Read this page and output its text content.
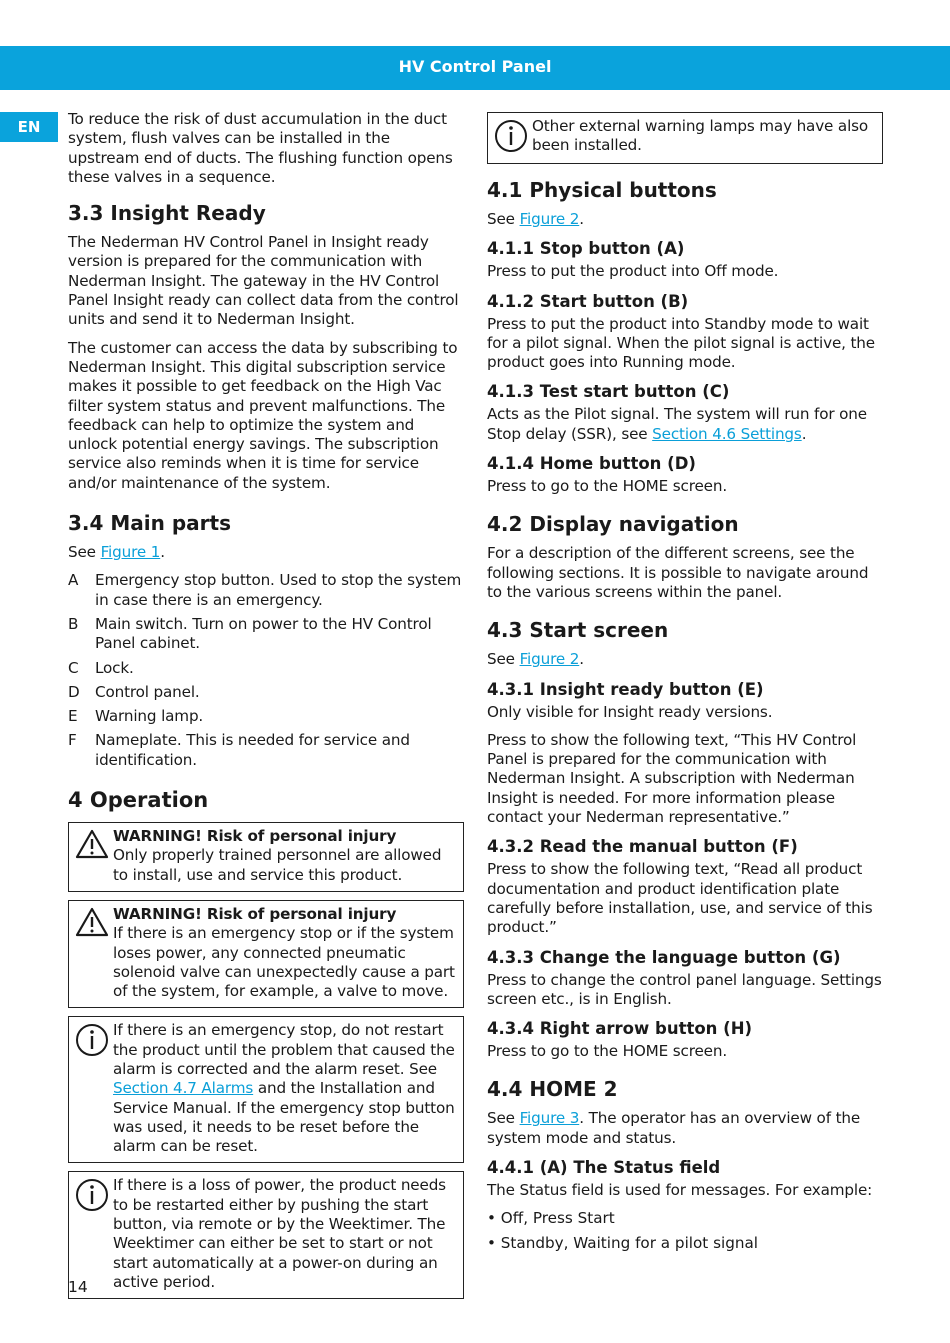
HV Control Panel
EN	To reduce the risk of dust accumulation in the duct system, flush valves can be installed in the upstream end of ducts. The flushing function opens these valves in a sequence.

3.3 Insight Ready

The Nederman HV Control Panel in Insight ready version is prepared for the communication with Nederman Insight. The gateway in the HV Control Panel Insight ready can collect data from the control units and send it to Nederman Insight.

The customer can access the data by subscribing to Nederman Insight. This digital subscription service makes it possible to get feedback on the High Vac filter system status and prevent malfunctions. The feedback can help to optimize the system and unlock potential energy savings. The subscription service also reminds when it is time for service and/or maintenance of the system.

3.4 Main parts

See Figure 1.

A	Emergency stop button. Used to stop the system in case there is an emergency.
B	Main switch. Turn on power to the HV Control Panel cabinet.
C	Lock.
D	Control panel.
E	Warning lamp.
F	Nameplate. This is needed for service and identification.
4 Operation
WARNING! Risk of personal injury
Only properly trained personnel are allowed to install, use and service this product.
WARNING! Risk of personal injury
If there is an emergency stop or if the system loses power, any connected pneumatic solenoid valve can unexpectedly cause a part of the system, for example, a valve to move.
If there is an emergency stop, do not restart the product until the problem that caused the alarm is corrected and the alarm reset. See Section 4.7 Alarms and the Installation and Service Manual. If the emergency stop button was used, it needs to be reset before the alarm can be reset.
If there is a loss of power, the product needs to be restarted either by pushing the start button, via remote or by the Weektimer. The Weektimer can either be set to start or not start automatically at a power-on during an active period.
Other external warning lamps may have also been installed.
4.1 Physical buttons

See Figure 2.

4.1.1 Stop button (A)

Press to put the product into Off mode.

4.1.2 Start button (B)

Press to put the product into Standby mode to wait for a pilot signal. When the pilot signal is active, the product goes into Running mode.

4.1.3 Test start button (C)

Acts as the Pilot signal. The system will run for one Stop delay (SSR), see Section 4.6 Settings.

4.1.4 Home button (D)

Press to go to the HOME screen.

4.2 Display navigation

For a description of the different screens, see the following sections. It is possible to navigate around to the various screens within the panel.

4.3 Start screen

See Figure 2.

4.3.1 Insight ready button (E)

Only visible for Insight ready versions.

Press to show the following text, “This HV Control Panel is prepared for the communication with Nederman Insight. A subscription with Nederman Insight is needed. For more information please contact your Nederman representative.”

4.3.2 Read the manual button (F)

Press to show the following text, “Read all product documentation and product identification plate carefully before installation, use, and service of this product.”

4.3.3 Change the language button (G)

Press to change the control panel language. Settings screen etc., is in English.

4.3.4 Right arrow button (H)

Press to go to the HOME screen.

4.4 HOME 2

See Figure 3. The operator has an overview of the system mode and status.

4.4.1 (A) The Status field

The Status field is used for messages. For example:

• Off, Press Start
• Standby, Waiting for a pilot signal
14
